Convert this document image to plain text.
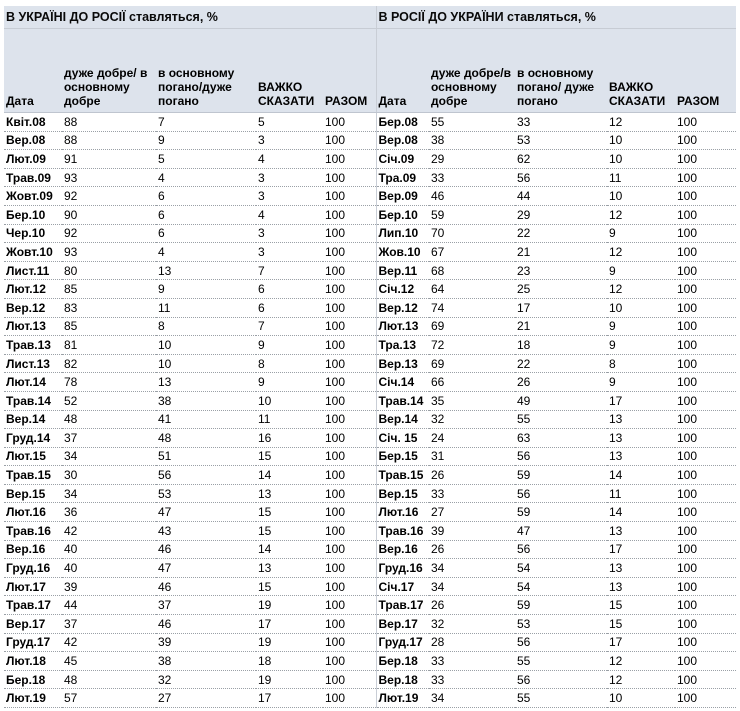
В УКРАЇНІ ДО РОСІЇ ставляться, %					В РОСІЇ ДО УКРАЇНИ ставляться, %				
Дата	дуже добре/ в основному добре	в основному погано/дуже погано	ВАЖКО СКАЗАТИ	РАЗОМ	Дата	дуже добре/в основному добре	в основному погано/ дуже погано	ВАЖКО СКАЗАТИ	РАЗОМ
Квіт.08	88	7	5	100	Бер.08	55	33	12	100
Вер.08	88	9	3	100	Вер.08	38	53	10	100
Лют.09	91	5	4	100	Січ.09	29	62	10	100
Трав.09	93	4	3	100	Тра.09	33	56	11	100
Жовт.09	92	6	3	100	Вер.09	46	44	10	100
Бер.10	90	6	4	100	Бер.10	59	29	12	100
Чер.10	92	6	3	100	Лип.10	70	22	9	100
Жовт.10	93	4	3	100	Жов.10	67	21	12	100
Лист.11	80	13	7	100	Вер.11	68	23	9	100
Лют.12	85	9	6	100	Січ.12	64	25	12	100
Вер.12	83	11	6	100	Вер.12	74	17	10	100
Лют.13	85	8	7	100	Лют.13	69	21	9	100
Трав.13	81	10	9	100	Тра.13	72	18	9	100
Лист.13	82	10	8	100	Вер.13	69	22	8	100
Лют.14	78	13	9	100	Січ.14	66	26	9	100
Трав.14	52	38	10	100	Трав.14	35	49	17	100
Вер.14	48	41	11	100	Вер.14	32	55	13	100
Груд.14	37	48	16	100	Січ. 15	24	63	13	100
Лют.15	34	51	15	100	Бер.15	31	56	13	100
Трав.15	30	56	14	100	Трав.15	26	59	14	100
Вер.15	34	53	13	100	Вер.15	33	56	11	100
Лют.16	36	47	15	100	Лют.16	27	59	14	100
Трав.16	42	43	15	100	Трав.16	39	47	13	100
Вер.16	40	46	14	100	Вер.16	26	56	17	100
Груд.16	40	47	13	100	Груд.16	34	54	13	100
Лют.17	39	46	15	100	Січ.17	34	54	13	100
Трав.17	44	37	19	100	Трав.17	26	59	15	100
Вер.17	37	46	17	100	Вер.17	32	53	15	100
Груд.17	42	39	19	100	Груд.17	28	56	17	100
Лют.18	45	38	18	100	Бер.18	33	55	12	100
Бер.18	48	32	19	100	Вер.18	33	56	12	100
Лют.19	57	27	17	100	Лют.19	34	55	10	100
